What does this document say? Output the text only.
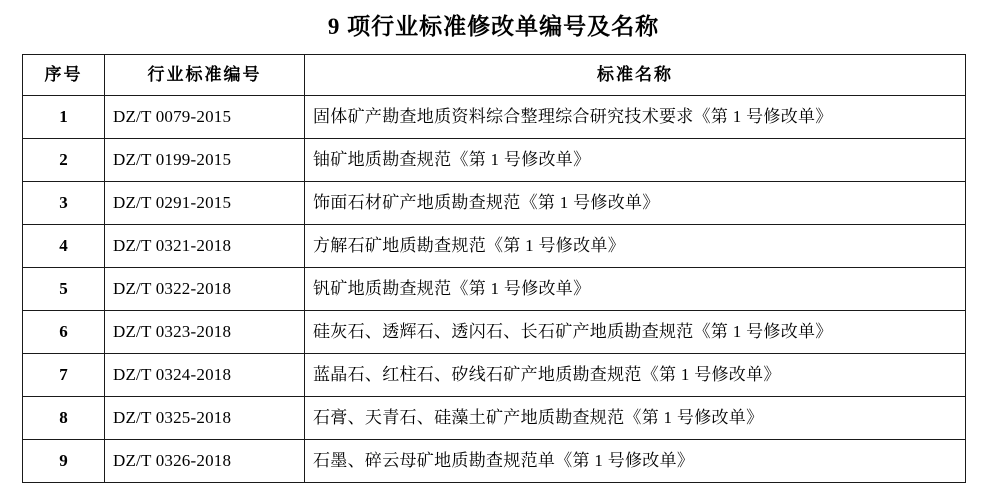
9 项行业标准修改单编号及名称
序号	行业标准编号	标准名称
1	DZ/T 0079-2015	固体矿产勘查地质资料综合整理综合研究技术要求《第 1 号修改单》
2	DZ/T 0199-2015	铀矿地质勘查规范《第 1 号修改单》
3	DZ/T 0291-2015	饰面石材矿产地质勘查规范《第 1 号修改单》
4	DZ/T 0321-2018	方解石矿地质勘查规范《第 1 号修改单》
5	DZ/T 0322-2018	钒矿地质勘查规范《第 1 号修改单》
6	DZ/T 0323-2018	硅灰石、透辉石、透闪石、长石矿产地质勘查规范《第 1 号修改单》
7	DZ/T 0324-2018	蓝晶石、红柱石、矽线石矿产地质勘查规范《第 1 号修改单》
8	DZ/T 0325-2018	石膏、天青石、硅藻土矿产地质勘查规范《第 1 号修改单》
9	DZ/T 0326-2018	石墨、碎云母矿地质勘查规范单《第 1 号修改单》
